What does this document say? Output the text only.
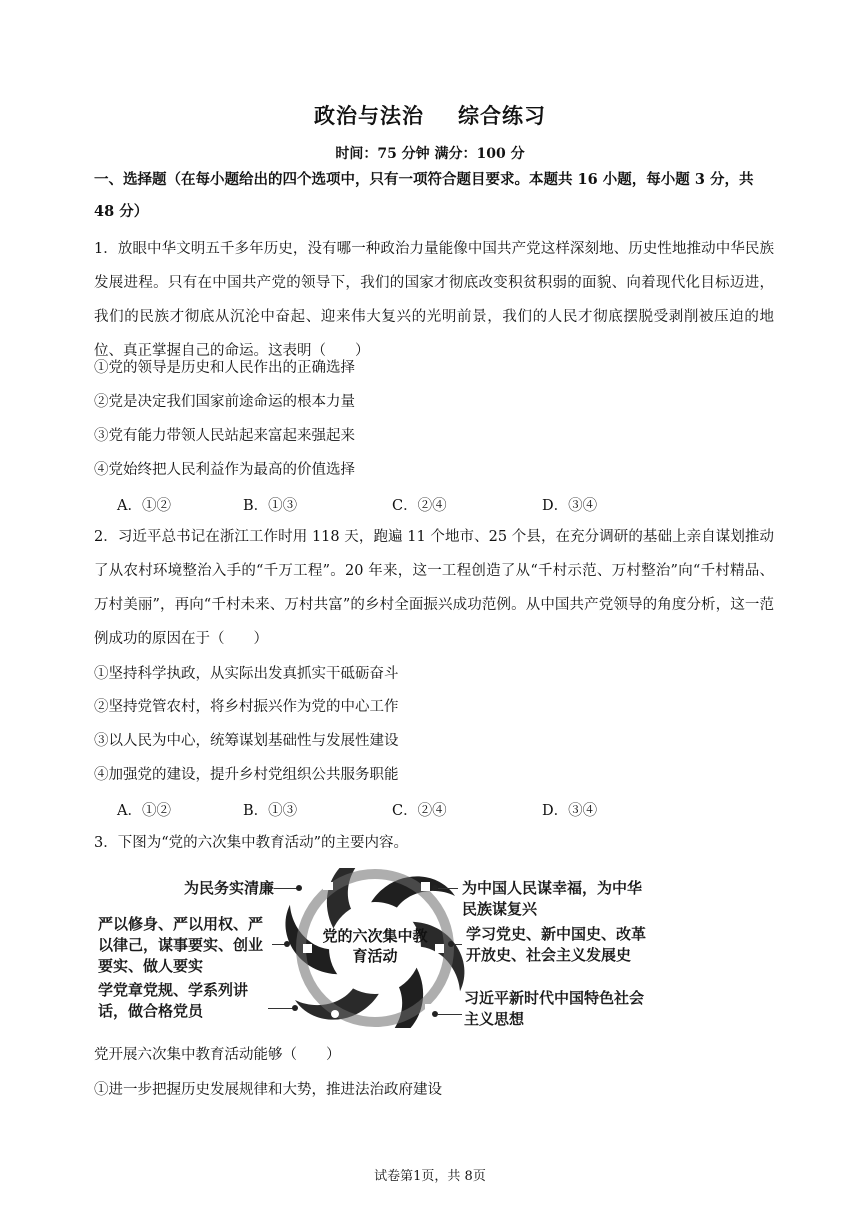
政治与法治 综合练习
时间：75 分钟 满分：100 分
一、选择题（在每小题给出的四个选项中，只有一项符合题目要求。本题共 16 小题，每小题 3 分，共 48 分）
1．放眼中华文明五千多年历史，没有哪一种政治力量能像中国共产党这样深刻地、历史性地推动中华民族发展进程。只有在中国共产党的领导下，我们的国家才彻底改变积贫积弱的面貌、向着现代化目标迈进，我们的民族才彻底从沉沦中奋起、迎来伟大复兴的光明前景，我们的人民才彻底摆脱受剥削被压迫的地位、真正掌握自己的命运。这表明（　　）
①党的领导是历史和人民作出的正确选择
②党是决定我们国家前途命运的根本力量
③党有能力带领人民站起来富起来强起来
④党始终把人民利益作为最高的价值选择
A．①②	B．①③	C．②④	D．③④
2．习近平总书记在浙江工作时用 118 天，跑遍 11 个地市、25 个县，在充分调研的基础上亲自谋划推动了从农村环境整治入手的“千万工程”。20 年来，这一工程创造了从“千村示范、万村整治”向“千村精品、万村美丽”，再向“千村未来、万村共富”的乡村全面振兴成功范例。从中国共产党领导的角度分析，这一范例成功的原因在于（　　）
①坚持科学执政，从实际出发真抓实干砥砺奋斗
②坚持党管农村，将乡村振兴作为党的中心工作
③以人民为中心，统筹谋划基础性与发展性建设
④加强党的建设，提升乡村党组织公共服务职能
A．①②	B．①③	C．②④	D．③④
3．下图为“党的六次集中教育活动”的主要内容。
党的六次集中教育活动
为民务实清廉
严以修身、严以用权、严以律己，谋事要实、创业要实、做人要实
学党章党规、学系列讲话，做合格党员
为中国人民谋幸福，为中华民族谋复兴
学习党史、新中国史、改革开放史、社会主义发展史
习近平新时代中国特色社会主义思想
党开展六次集中教育活动能够（　　）
①进一步把握历史发展规律和大势，推进法治政府建设
试卷第1页，共 8页
